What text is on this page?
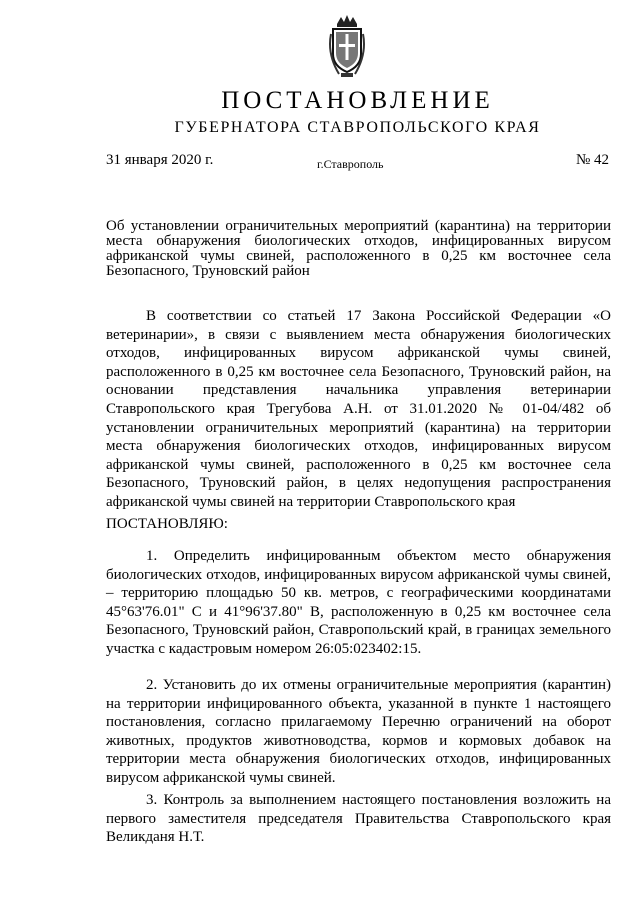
ПОСТАНОВЛЕНИЕ
ГУБЕРНАТОРА СТАВРОПОЛЬСКОГО КРАЯ
31 января 2020 г.	г.Ставрополь	№ 42

Об установлении ограничительных мероприятий (карантина) на территории места обнаружения биологических отходов, инфицированных вирусом африканской чумы свиней, расположенного в 0,25 км восточнее села Безопасного, Труновский район

В соответствии со статьей 17 Закона Российской Федерации «О ветеринарии», в связи с выявлением места обнаружения биологических отходов, инфицированных вирусом африканской чумы свиней, расположенного в 0,25 км восточнее села Безопасного, Труновский район, на основании представления начальника управления ветеринарии Ставропольского края Трегубова А.Н. от 31.01.2020 № 01-04/482 об установлении ограничительных мероприятий (карантина) на территории места обнаружения биологических отходов, инфицированных вирусом африканской чумы свиней, расположенного в 0,25 км восточнее села Безопасного, Труновский район, в целях недопущения распространения африканской чумы свиней на территории Ставропольского края

ПОСТАНОВЛЯЮ:

1. Определить инфицированным объектом место обнаружения биологических отходов, инфицированных вирусом африканской чумы свиней, – территорию площадью 50 кв. метров, с географическими координатами 45°63'76.01" С и 41°96'37.80" В, расположенную в 0,25 км восточнее села Безопасного, Труновский район, Ставропольский край, в границах земельного участка с кадастровым номером 26:05:023402:15.

2. Установить до их отмены ограничительные мероприятия (карантин) на территории инфицированного объекта, указанной в пункте 1 настоящего постановления, согласно прилагаемому Перечню ограничений на оборот животных, продуктов животноводства, кормов и кормовых добавок на территории места обнаружения биологических отходов, инфицированных вирусом африканской чумы свиней.

3. Контроль за выполнением настоящего постановления возложить на первого заместителя председателя Правительства Ставропольского края Великданя Н.Т.
